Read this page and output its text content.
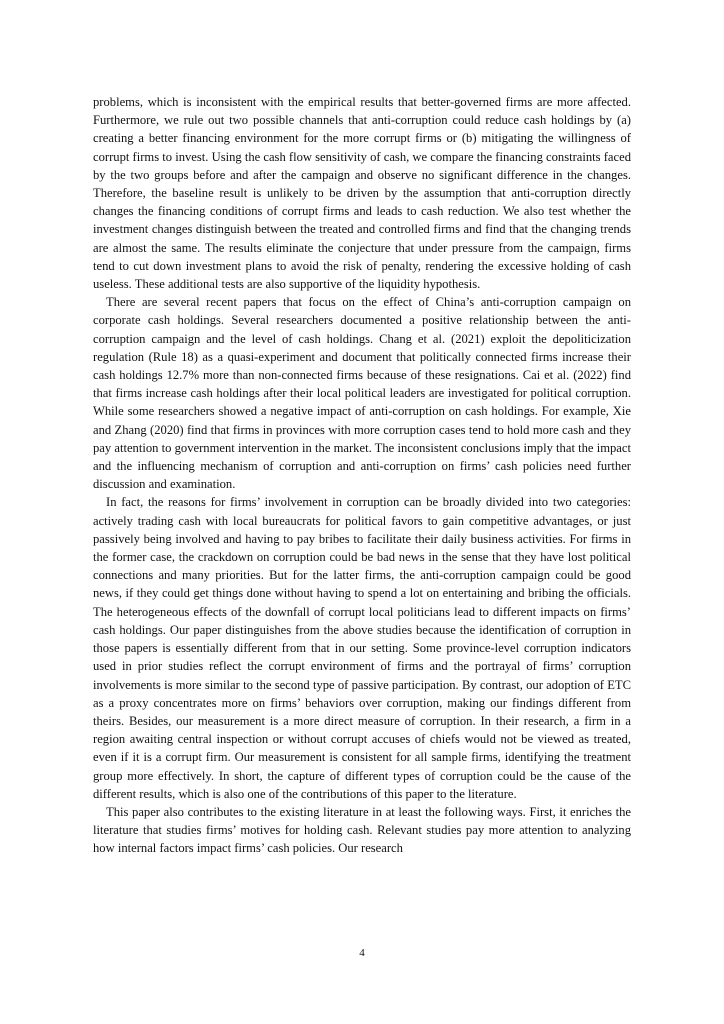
problems, which is inconsistent with the empirical results that better-governed firms are more affected. Furthermore, we rule out two possible channels that anti-corruption could reduce cash holdings by (a) creating a better financing environment for the more corrupt firms or (b) mitigating the willingness of corrupt firms to invest. Using the cash flow sensitivity of cash, we compare the financing constraints faced by the two groups before and after the campaign and observe no significant difference in the changes. Therefore, the baseline result is unlikely to be driven by the assumption that anti-corruption directly changes the financing conditions of corrupt firms and leads to cash reduction. We also test whether the investment changes distinguish between the treated and controlled firms and find that the changing trends are almost the same. The results eliminate the conjecture that under pressure from the campaign, firms tend to cut down investment plans to avoid the risk of penalty, rendering the excessive holding of cash useless. These additional tests are also supportive of the liquidity hypothesis.

There are several recent papers that focus on the effect of China’s anti-corruption campaign on corporate cash holdings. Several researchers documented a positive relationship between the anti-corruption campaign and the level of cash holdings. Chang et al. (2021) exploit the depoliticization regulation (Rule 18) as a quasi-experiment and document that politically connected firms increase their cash holdings 12.7% more than non-connected firms because of these resignations. Cai et al. (2022) find that firms increase cash holdings after their local political leaders are investigated for political corruption. While some researchers showed a negative impact of anti-corruption on cash holdings. For example, Xie and Zhang (2020) find that firms in provinces with more corruption cases tend to hold more cash and they pay attention to government intervention in the market. The inconsistent conclusions imply that the impact and the influencing mechanism of corruption and anti-corruption on firms’ cash policies need further discussion and examination.

In fact, the reasons for firms’ involvement in corruption can be broadly divided into two categories: actively trading cash with local bureaucrats for political favors to gain competitive advantages, or just passively being involved and having to pay bribes to facilitate their daily business activities. For firms in the former case, the crackdown on corruption could be bad news in the sense that they have lost political connections and many priorities. But for the latter firms, the anti-corruption campaign could be good news, if they could get things done without having to spend a lot on entertaining and bribing the officials. The heterogeneous effects of the downfall of corrupt local politicians lead to different impacts on firms’ cash holdings. Our paper distinguishes from the above studies because the identification of corruption in those papers is essentially different from that in our setting. Some province-level corruption indicators used in prior studies reflect the corrupt environment of firms and the portrayal of firms’ corruption involvements is more similar to the second type of passive participation. By contrast, our adoption of ETC as a proxy concentrates more on firms’ behaviors over corruption, making our findings different from theirs. Besides, our measurement is a more direct measure of corruption. In their research, a firm in a region awaiting central inspection or without corrupt accuses of chiefs would not be viewed as treated, even if it is a corrupt firm. Our measurement is consistent for all sample firms, identifying the treatment group more effectively. In short, the capture of different types of corruption could be the cause of the different results, which is also one of the contributions of this paper to the literature.

This paper also contributes to the existing literature in at least the following ways. First, it enriches the literature that studies firms’ motives for holding cash. Relevant studies pay more attention to analyzing how internal factors impact firms’ cash policies. Our research

4
